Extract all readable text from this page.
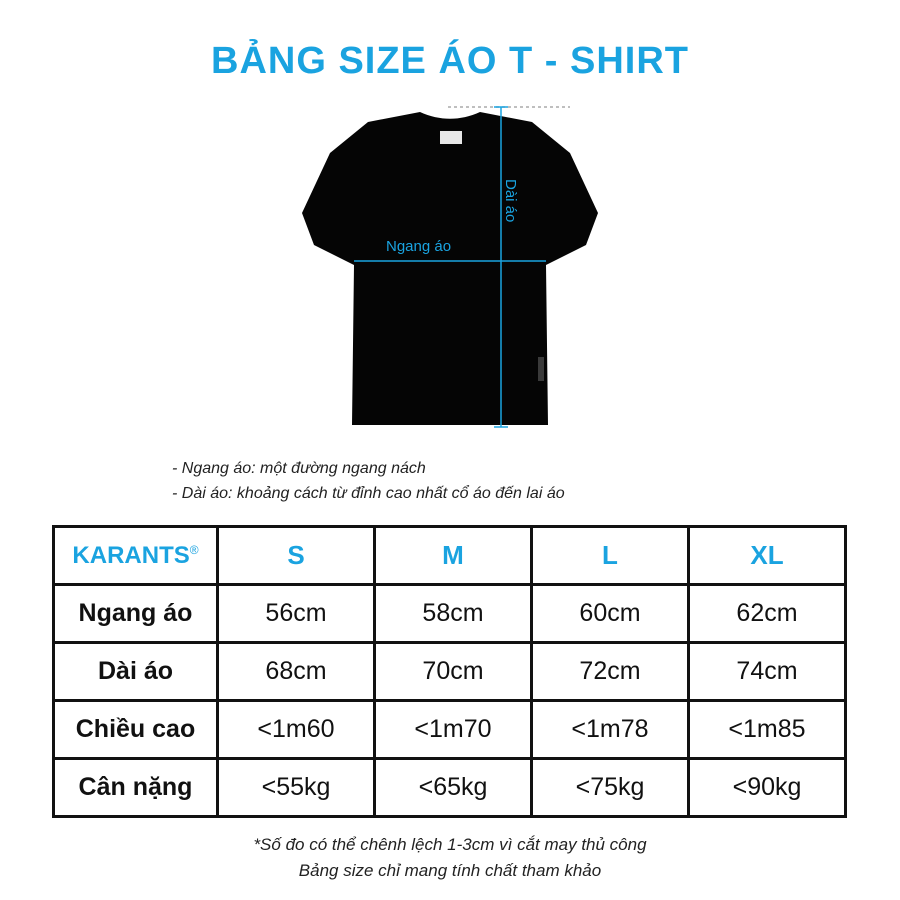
BẢNG SIZE ÁO T - SHIRT
Ngang áo
Dài áo
- Ngang áo: một đường ngang nách
- Dài áo: khoảng cách từ đỉnh cao nhất cổ áo đến lai áo
KARANTS®	S	M	L	XL
Ngang áo	56cm	58cm	60cm	62cm
Dài áo	68cm	70cm	72cm	74cm
Chiều cao	<1m60	<1m70	<1m78	<1m85
Cân nặng	<55kg	<65kg	<75kg	<90kg
*Số đo có thể chênh lệch 1-3cm vì cắt may thủ công
Bảng size chỉ mang tính chất tham khảo
